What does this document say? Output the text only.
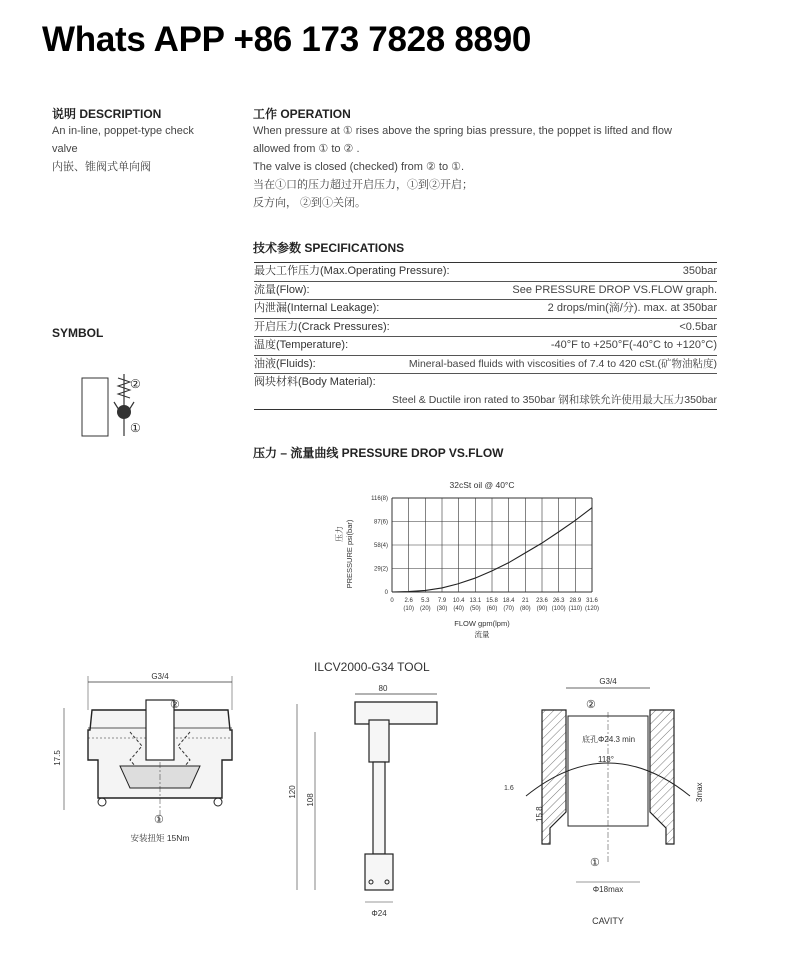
Whats APP +86 173 7828 8890
说明 DESCRIPTION
An in-line, poppet-type check
valve
内嵌、锥阀式单向阀
工作 OPERATION
When pressure at ① rises above the spring bias pressure, the poppet is lifted and flow
allowed from ① to ② .
The valve is closed (checked) from ② to ①.
当在①口的压力超过开启压力，①到②开启；
反方向， ②到①关闭。
技术参数 SPECIFICATIONS
最大工作压力(Max.Operating Pressure):	350bar
流量(Flow):	See PRESSURE DROP VS.FLOW graph.
内泄漏(Internal Leakage):	2 drops/min(滴/分). max. at 350bar
开启压力(Crack Pressures):	<0.5bar
温度(Temperature):	-40°F to +250°F(-40°C to +120°C)
油液(Fluids):	Mineral-based fluids with viscosities of 7.4 to 420 cSt.(矿物油粘度)
阀块材料(Body Material):
Steel & Ductile iron rated to 350bar 钢和球铁允许使用最大压力350bar
SYMBOL
②
①
压力 – 流量曲线 PRESSURE DROP VS.FLOW
32cSt oil @ 40°C
压力 PRESSURE psi(bar)
0
29(2)
58(4)
87(6)
116(8)
0 2.6
(10)
5.3
(20)
7.9
(30)
10.4
(40)
13.1
(50)
15.8
(60)
18.4
(70)
21
(80)
23.6
(90)
26.3
(100)
28.9
(110)
31.6
(120)
FLOW gpm(lpm)
流量
ILCV2000-G34 TOOL
G3/4
17.5
②
①
安装扭矩 15Nm
80
120
108
Φ24
G3/4
②
底孔Φ24.3 min
118°
3max
15.8
1.6
①
Φ18max
CAVITY
